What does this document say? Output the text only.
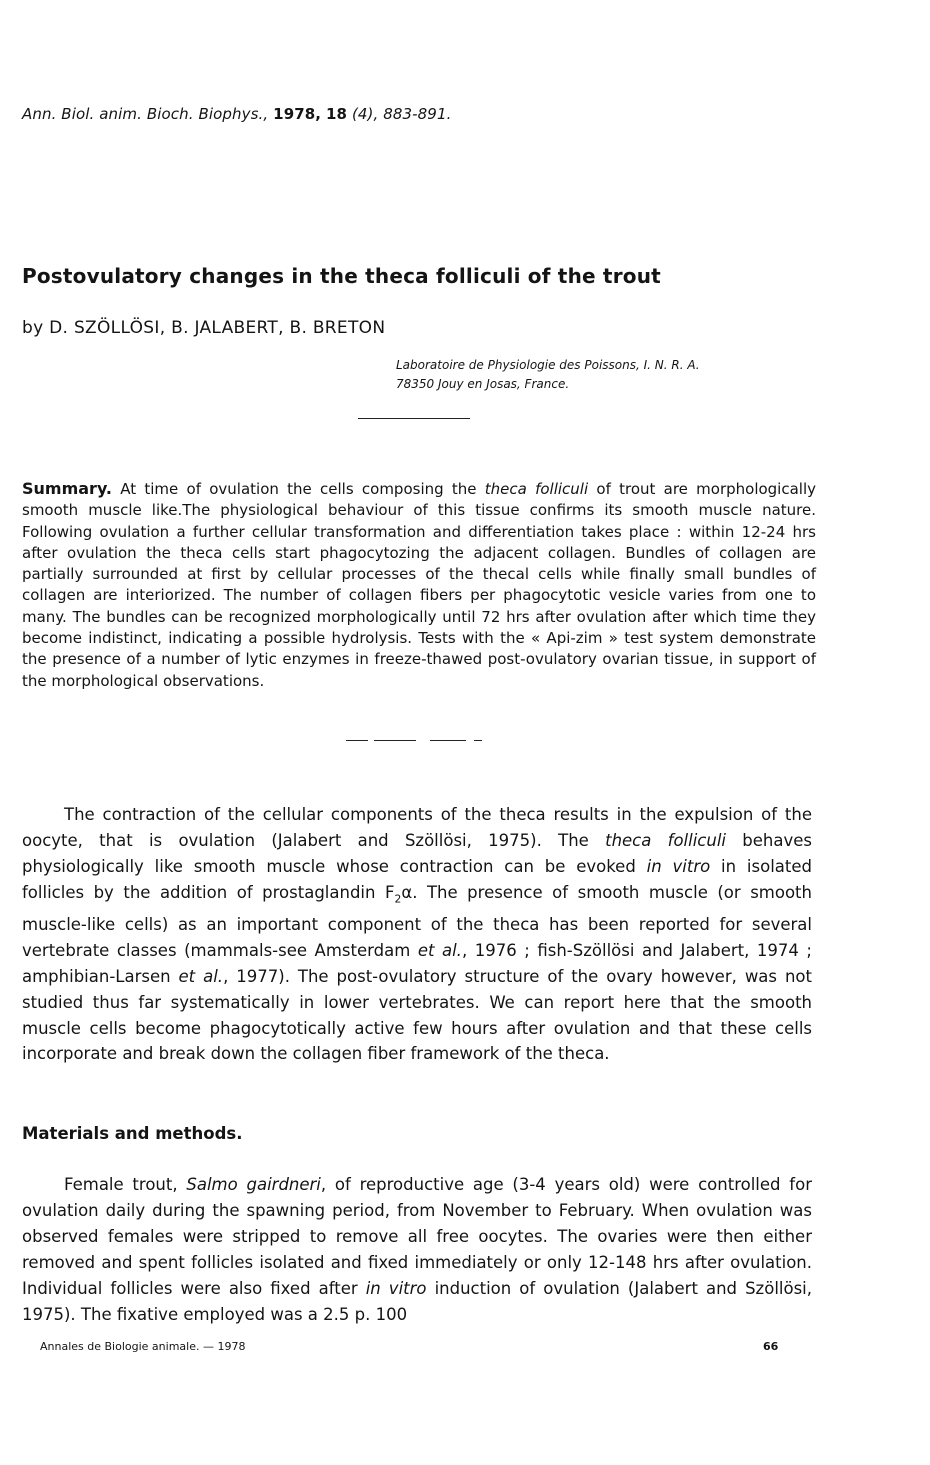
Ann. Biol. anim. Bioch. Biophys., 1978, 18 (4), 883-891.
Postovulatory changes in the theca folliculi of the trout
by D. SZÖLLÖSI, B. JALABERT, B. BRETON
Laboratoire de Physiologie des Poissons, I. N. R. A.
78350 Jouy en Josas, France.

Summary. At time of ovulation the cells composing the theca folliculi of trout are morphologically smooth muscle like.The physiological behaviour of this tissue confirms its smooth muscle nature. Following ovulation a further cellular transformation and differentiation takes place : within 12-24 hrs after ovulation the theca cells start phagocytozing the adjacent collagen. Bundles of collagen are partially surrounded at first by cellular processes of the thecal cells while finally small bundles of collagen are interiorized. The number of collagen fibers per phagocytotic vesicle varies from one to many. The bundles can be recognized morphologically until 72 hrs after ovulation after which time they become indistinct, indicating a possible hydrolysis. Tests with the « Api-zim » test system demonstrate the presence of a number of lytic enzymes in freeze-thawed post-ovulatory ovarian tissue, in support of the morphological observations.

The contraction of the cellular components of the theca results in the expulsion of the oocyte, that is ovulation (Jalabert and Szöllösi, 1975). The theca folliculi behaves physiologically like smooth muscle whose contraction can be evoked in vitro in isolated follicles by the addition of prostaglandin $F_2\alpha$. The presence of smooth muscle (or smooth muscle-like cells) as an important component of the theca has been reported for several vertebrate classes (mammals-see Amsterdam et al., 1976 ; fish-Szöllösi and Jalabert, 1974 ; amphibian-Larsen et al., 1977). The post-ovulatory structure of the ovary however, was not studied thus far systematically in lower vertebrates. We can report here that the smooth muscle cells become phagocytotically active few hours after ovulation and that these cells incorporate and break down the collagen fiber framework of the theca.

Materials and methods.

Female trout, Salmo gairdneri, of reproductive age (3-4 years old) were controlled for ovulation daily during the spawning period, from November to February. When ovulation was observed females were stripped to remove all free oocytes. The ovaries were then either removed and spent follicles isolated and fixed immediately or only 12-148 hrs after ovulation. Individual follicles were also fixed after in vitro induction of ovulation (Jalabert and Szöllösi, 1975). The fixative employed was a 2.5 p. 100

Annales de Biologie animale. — 1978	66
